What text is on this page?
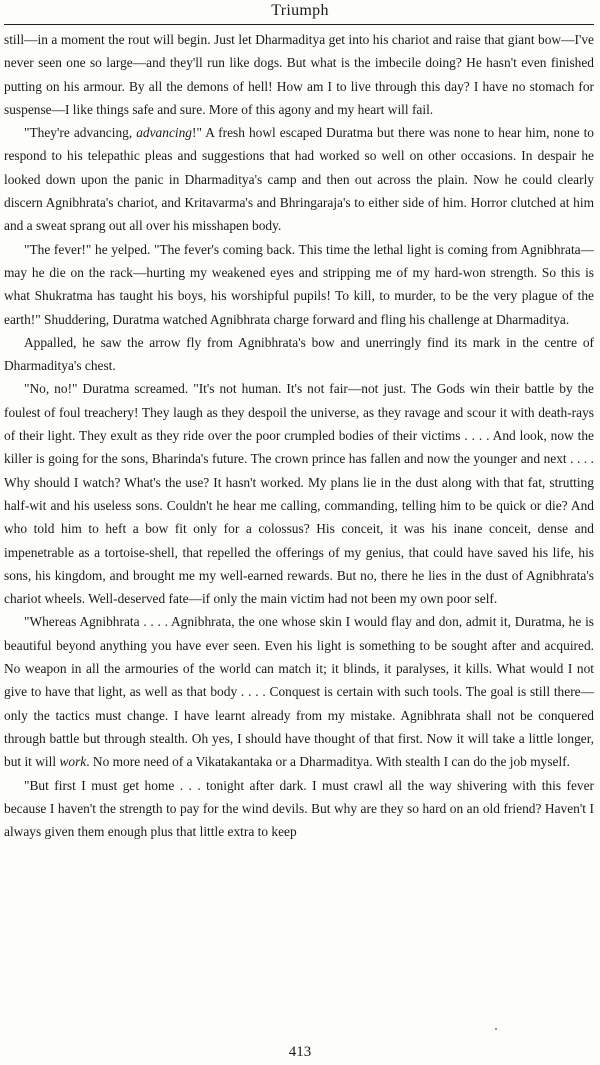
Triumph

still—in a moment the rout will begin. Just let Dharmaditya get into his chariot and raise that giant bow—I've never seen one so large—and they'll run like dogs. But what is the imbecile doing? He hasn't even finished putting on his armour. By all the demons of hell! How am I to live through this day? I have no stomach for suspense—I like things safe and sure. More of this agony and my heart will fail.

"They're advancing, advancing!" A fresh howl escaped Duratma but there was none to hear him, none to respond to his telepathic pleas and suggestions that had worked so well on other occasions. In despair he looked down upon the panic in Dharmaditya's camp and then out across the plain. Now he could clearly discern Agnibhrata's chariot, and Kritavarma's and Bhringaraja's to either side of him. Horror clutched at him and a sweat sprang out all over his misshapen body.

"The fever!" he yelped. "The fever's coming back. This time the lethal light is coming from Agnibhrata—may he die on the rack—hurting my weakened eyes and stripping me of my hard-won strength. So this is what Shukratma has taught his boys, his worshipful pupils! To kill, to murder, to be the very plague of the earth!" Shuddering, Duratma watched Agnibhrata charge forward and fling his challenge at Dharmaditya.

Appalled, he saw the arrow fly from Agnibhrata's bow and unerringly find its mark in the centre of Dharmaditya's chest.

"No, no!" Duratma screamed. "It's not human. It's not fair—not just. The Gods win their battle by the foulest of foul treachery! They laugh as they despoil the universe, as they ravage and scour it with death-rays of their light. They exult as they ride over the poor crumpled bodies of their victims . . . . And look, now the killer is going for the sons, Bharinda's future. The crown prince has fallen and now the younger and next . . . . Why should I watch? What's the use? It hasn't worked. My plans lie in the dust along with that fat, strutting half-wit and his useless sons. Couldn't he hear me calling, commanding, telling him to be quick or die? And who told him to heft a bow fit only for a colossus? His conceit, it was his inane conceit, dense and impenetrable as a tortoise-shell, that repelled the offerings of my genius, that could have saved his life, his sons, his kingdom, and brought me my well-earned rewards. But no, there he lies in the dust of Agnibhrata's chariot wheels. Well-deserved fate—if only the main victim had not been my own poor self.

"Whereas Agnibhrata . . . . Agnibhrata, the one whose skin I would flay and don, admit it, Duratma, he is beautiful beyond anything you have ever seen. Even his light is something to be sought after and acquired. No weapon in all the armouries of the world can match it; it blinds, it paralyses, it kills. What would I not give to have that light, as well as that body . . . . Conquest is certain with such tools. The goal is still there—only the tactics must change. I have learnt already from my mistake. Agnibhrata shall not be conquered through battle but through stealth. Oh yes, I should have thought of that first. Now it will take a little longer, but it will work. No more need of a Vikatakantaka or a Dharmaditya. With stealth I can do the job myself.

"But first I must get home . . . tonight after dark. I must crawl all the way shivering with this fever because I haven't the strength to pay for the wind devils. But why are they so hard on an old friend? Haven't I always given them enough plus that little extra to keep

413
